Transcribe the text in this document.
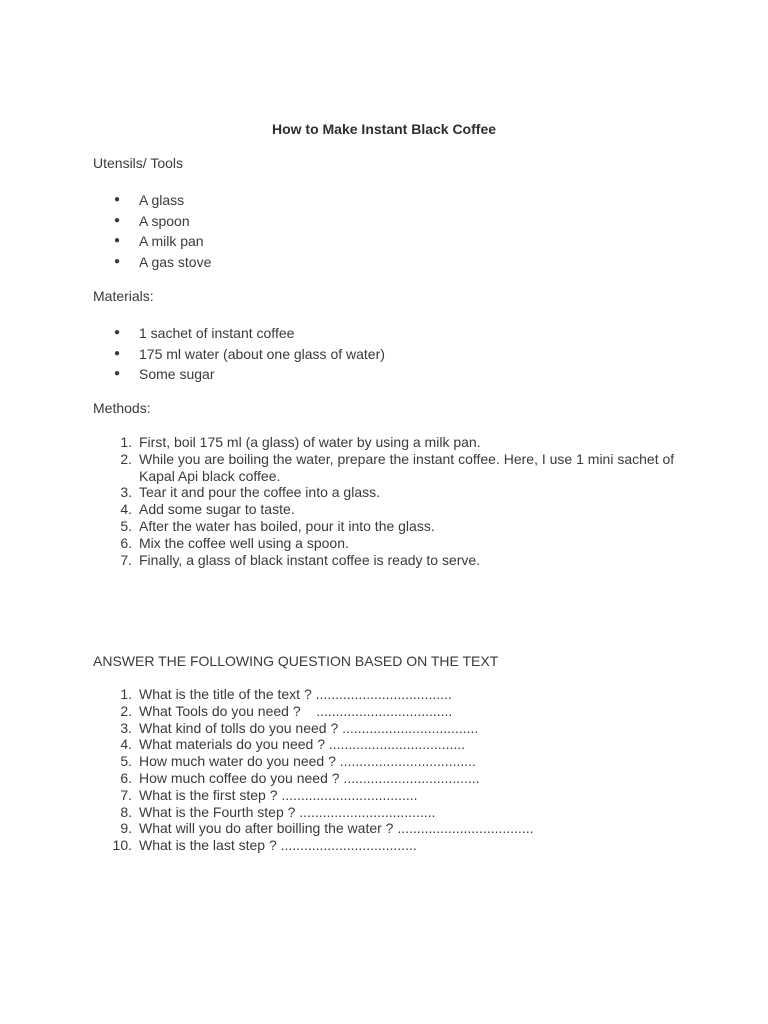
How to Make Instant Black Coffee
Utensils/ Tools
● A glass
● A spoon
● A milk pan
● A gas stove
Materials:
● 1 sachet of instant coffee
● 175 ml water (about one glass of water)
● Some sugar
Methods:
1. First, boil 175 ml (a glass) of water by using a milk pan.
2. While you are boiling the water, prepare the instant coffee. Here, I use 1 mini sachet of Kapal Api black coffee.
3. Tear it and pour the coffee into a glass.
4. Add some sugar to taste.
5. After the water has boiled, pour it into the glass.
6. Mix the coffee well using a spoon.
7. Finally, a glass of black instant coffee is ready to serve.
ANSWER THE FOLLOWING QUESTION BASED ON THE TEXT
1. What is the title of the text ? ...................................
2. What Tools do you need ?    ...................................
3. What kind of tolls do you need ? ...................................
4. What materials do you need ? ...................................
5. How much water do you need ? ...................................
6. How much coffee do you need ? ...................................
7. What is the first step ? ...................................
8. What is the Fourth step ? ...................................
9. What will you do after boilling the water ? ...................................
10. What is the last step ? ...................................
